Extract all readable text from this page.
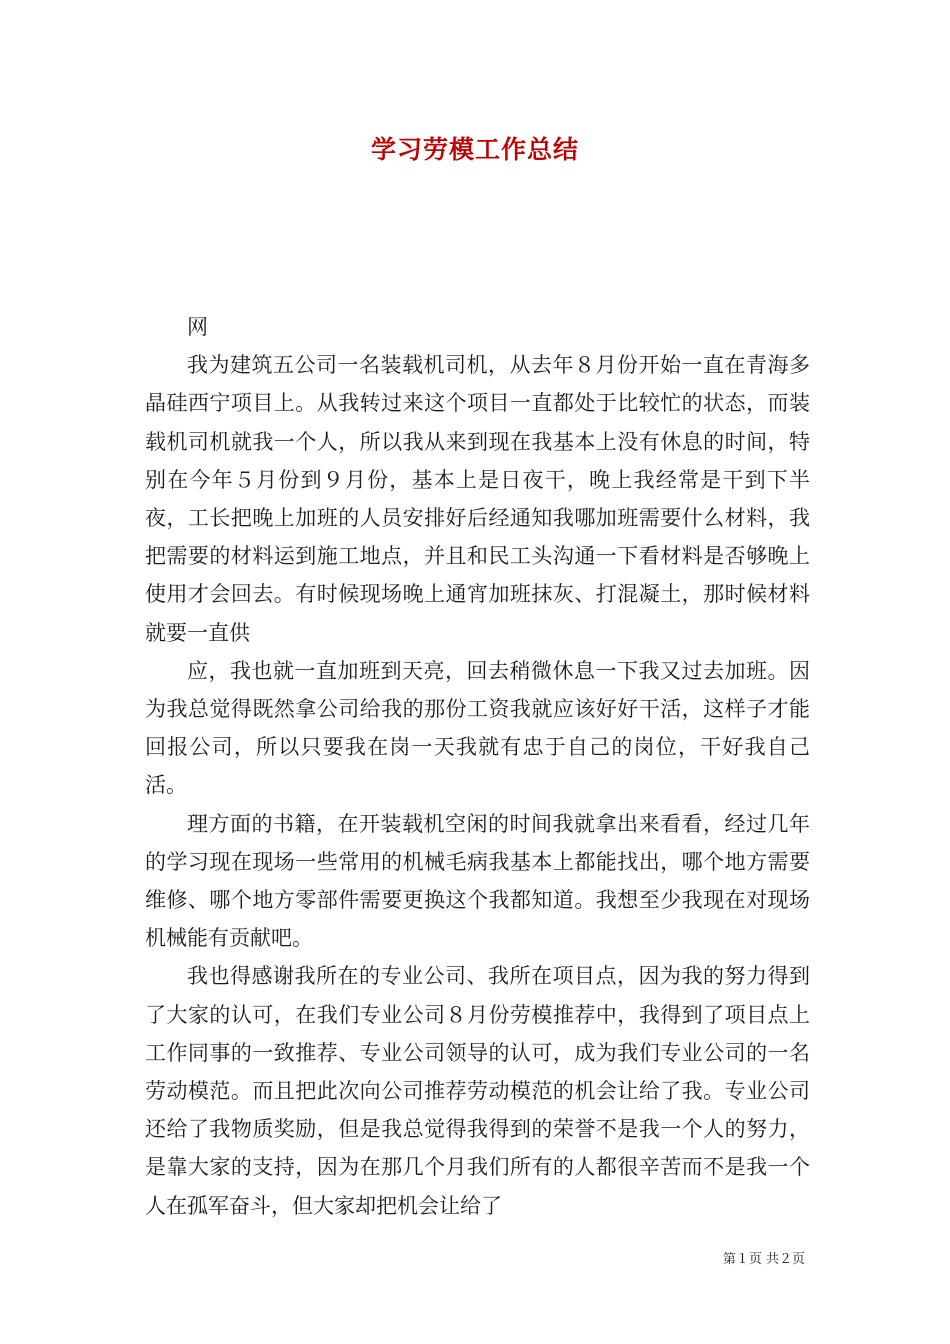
学习劳模工作总结

网

我为建筑五公司一名装载机司机，从去年８月份开始一直在青海多晶硅西宁项目上。从我转过来这个项目一直都处于比较忙的状态，而装载机司机就我一个人，所以我从来到现在我基本上没有休息的时间，特别在今年５月份到９月份，基本上是日夜干，晚上我经常是干到下半夜，工长把晚上加班的人员安排好后经通知我哪加班需要什么材料，我把需要的材料运到施工地点，并且和民工头沟通一下看材料是否够晚上使用才会回去。有时候现场晚上通宵加班抹灰、打混凝土，那时候材料就要一直供

应，我也就一直加班到天亮，回去稍微休息一下我又过去加班。因为我总觉得既然拿公司给我的那份工资我就应该好好干活，这样子才能回报公司，所以只要我在岗一天我就有忠于自己的岗位，干好我自己活。

理方面的书籍，在开装载机空闲的时间我就拿出来看看，经过几年的学习现在现场一些常用的机械毛病我基本上都能找出，哪个地方需要维修、哪个地方零部件需要更换这个我都知道。我想至少我现在对现场机械能有贡献吧。

我也得感谢我所在的专业公司、我所在项目点，因为我的努力得到了大家的认可，在我们专业公司８月份劳模推荐中，我得到了项目点上工作同事的一致推荐、专业公司领导的认可，成为我们专业公司的一名劳动模范。而且把此次向公司推荐劳动模范的机会让给了我。专业公司还给了我物质奖励，但是我总觉得我得到的荣誉不是我一个人的努力，是靠大家的支持，因为在那几个月我们所有的人都很辛苦而不是我一个人在孤军奋斗，但大家却把机会让给了

第１页 共２页
